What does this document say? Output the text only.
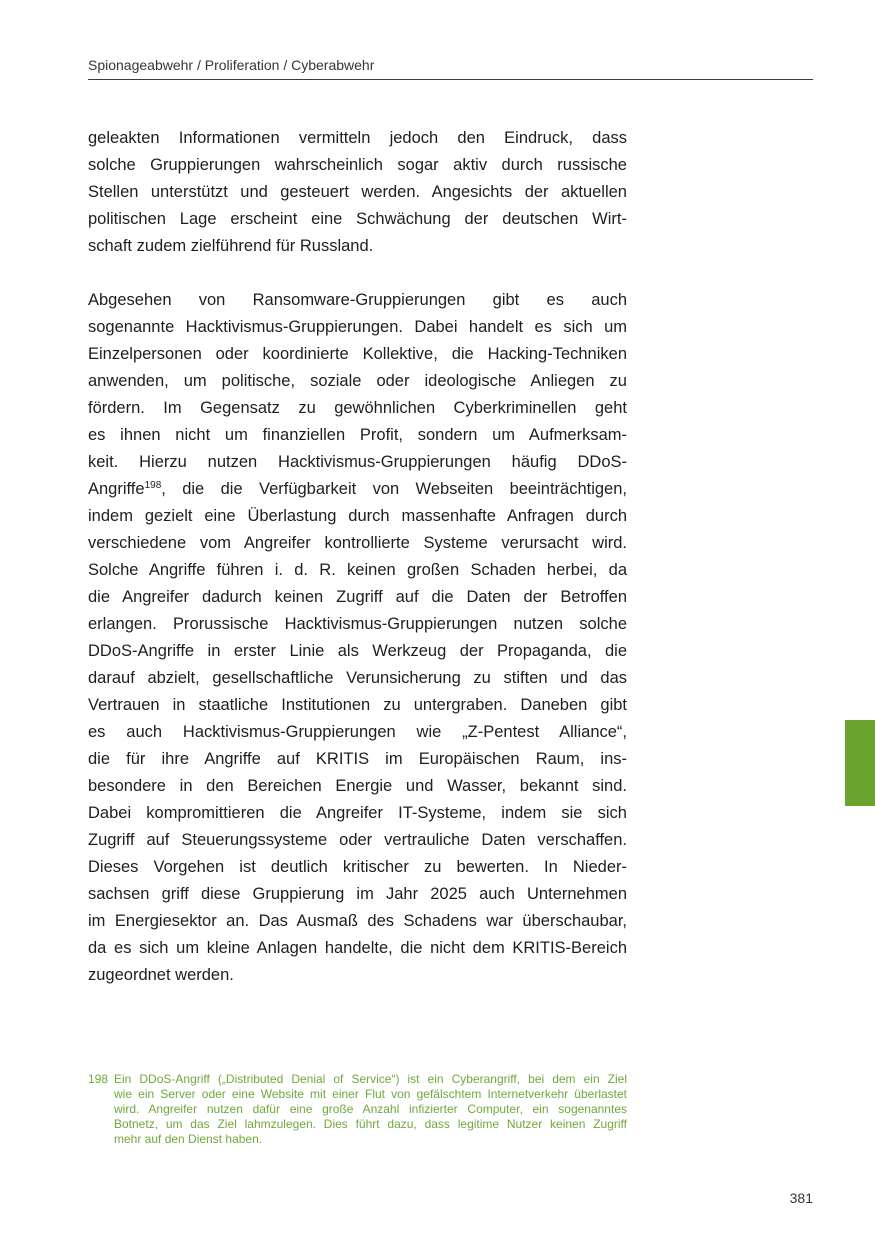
Spionageabwehr / Proliferation / Cyberabwehr
geleakten Informationen vermitteln jedoch den Eindruck, dass
solche Gruppierungen wahrscheinlich sogar aktiv durch russische
Stellen unterstützt und gesteuert werden. Angesichts der aktuellen
politischen Lage erscheint eine Schwächung der deutschen Wirt-
schaft zudem zielführend für Russland.
Abgesehen von Ransomware-Gruppierungen gibt es auch
sogenannte Hacktivismus-Gruppierungen. Dabei handelt es sich um
Einzelpersonen oder koordinierte Kollektive, die Hacking-Techniken
anwenden, um politische, soziale oder ideologische Anliegen zu
fördern. Im Gegensatz zu gewöhnlichen Cyberkriminellen geht
es ihnen nicht um finanziellen Profit, sondern um Aufmerksam-
keit. Hierzu nutzen Hacktivismus-Gruppierungen häufig DDoS-
Angriffe$^{198}$, die die Verfügbarkeit von Webseiten beeinträchtigen,
indem gezielt eine Überlastung durch massenhafte Anfragen durch
verschiedene vom Angreifer kontrollierte Systeme verursacht wird.
Solche Angriffe führen i. d. R. keinen großen Schaden herbei, da
die Angreifer dadurch keinen Zugriff auf die Daten der Betroffen
erlangen. Prorussische Hacktivismus-Gruppierungen nutzen solche
DDoS-Angriffe in erster Linie als Werkzeug der Propaganda, die
darauf abzielt, gesellschaftliche Verunsicherung zu stiften und das
Vertrauen in staatliche Institutionen zu untergraben. Daneben gibt
es auch Hacktivismus-Gruppierungen wie „Z-Pentest Alliance“,
die für ihre Angriffe auf KRITIS im Europäischen Raum, ins-
besondere in den Bereichen Energie und Wasser, bekannt sind.
Dabei kompromittieren die Angreifer IT-Systeme, indem sie sich
Zugriff auf Steuerungssysteme oder vertrauliche Daten verschaffen.
Dieses Vorgehen ist deutlich kritischer zu bewerten. In Nieder-
sachsen griff diese Gruppierung im Jahr 2025 auch Unternehmen
im Energiesektor an. Das Ausmaß des Schadens war überschaubar,
da es sich um kleine Anlagen handelte, die nicht dem KRITIS-Bereich
zugeordnet werden.
198 Ein DDoS-Angriff („Distributed Denial of Service“) ist ein Cyberangriff, bei dem ein Ziel
wie ein Server oder eine Website mit einer Flut von gefälschtem Internetverkehr überlastet
wird. Angreifer nutzen dafür eine große Anzahl infizierter Computer, ein sogenanntes
Botnetz, um das Ziel lahmzulegen. Dies führt dazu, dass legitime Nutzer keinen Zugriff
mehr auf den Dienst haben.
381
